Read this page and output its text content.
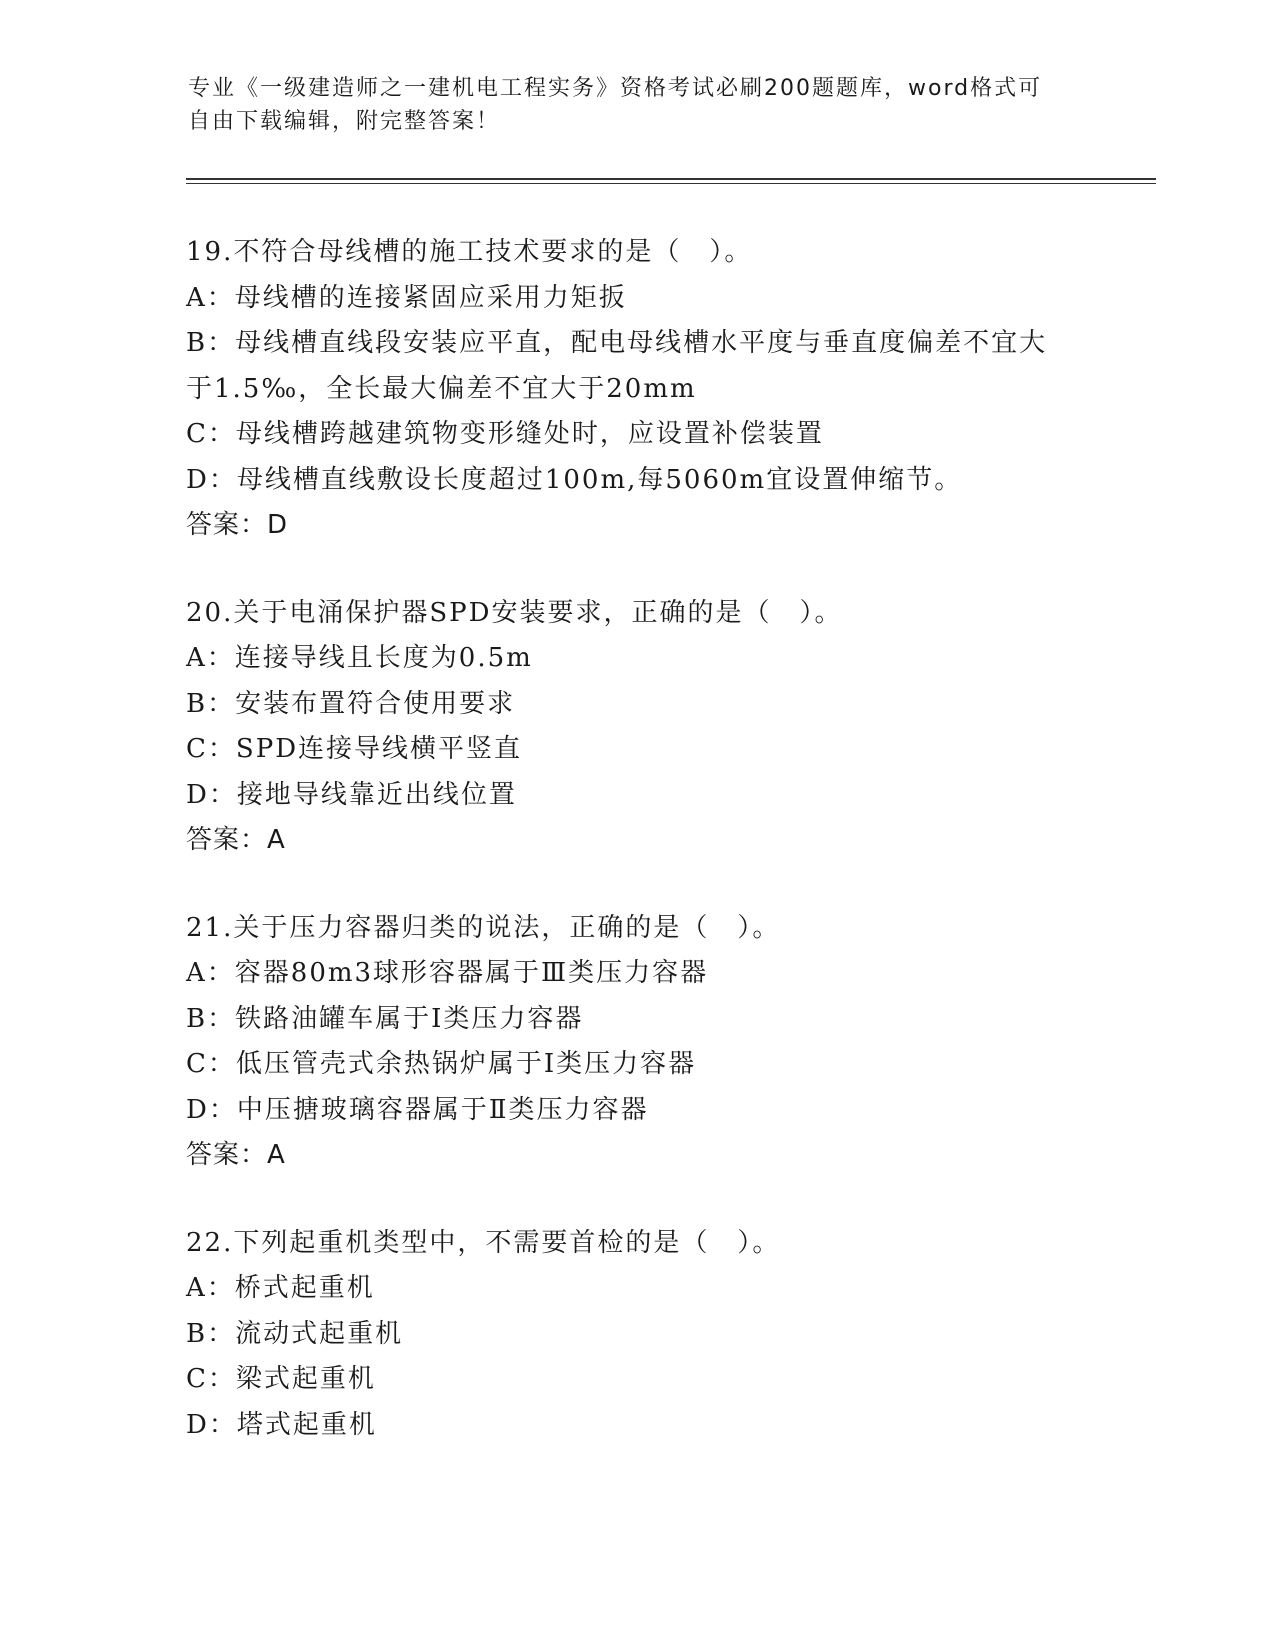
专业《一级建造师之一建机电工程实务》资格考试必刷200题题库，word格式可
自由下载编辑，附完整答案！
19.不符合母线槽的施工技术要求的是（　）。
A：母线槽的连接紧固应采用力矩扳
B：母线槽直线段安装应平直，配电母线槽水平度与垂直度偏差不宜大于1.5‰，全长最大偏差不宜大于20mm
C：母线槽跨越建筑物变形缝处时，应设置补偿装置
D：母线槽直线敷设长度超过100m,每5060m宜设置伸缩节。
答案：D
20.关于电涌保护器SPD安装要求，正确的是（　）。
A：连接导线且长度为0.5m
B：安装布置符合使用要求
C：SPD连接导线横平竖直
D：接地导线靠近出线位置
答案：A
21.关于压力容器归类的说法，正确的是（　）。
A：容器80m3球形容器属于Ⅲ类压力容器
B：铁路油罐车属于Ⅰ类压力容器
C：低压管壳式余热锅炉属于Ⅰ类压力容器
D：中压搪玻璃容器属于Ⅱ类压力容器
答案：A
22.下列起重机类型中，不需要首检的是（　）。
A：桥式起重机
B：流动式起重机
C：梁式起重机
D：塔式起重机
